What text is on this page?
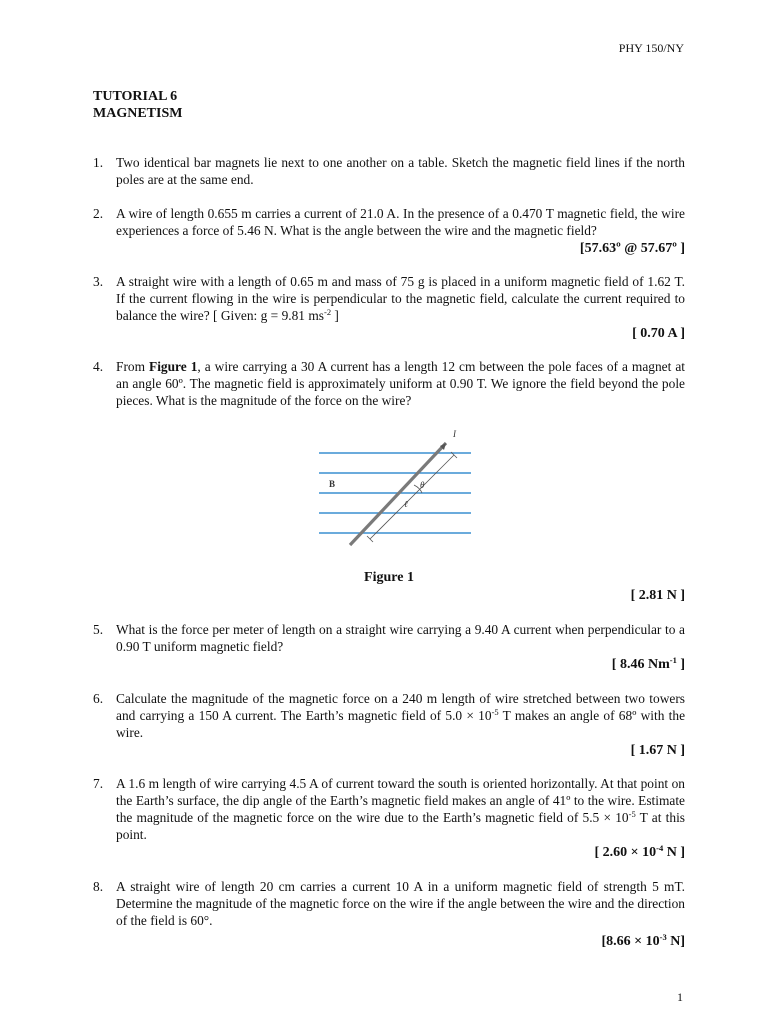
PHY 150/NY
TUTORIAL 6
MAGNETISM
1. Two identical bar magnets lie next to one another on a table. Sketch the magnetic field lines if the north poles are at the same end.
2. A wire of length 0.655 m carries a current of 21.0 A. In the presence of a 0.470 T magnetic field, the wire experiences a force of 5.46 N. What is the angle between the wire and the magnetic field?
[57.63º @ 57.67º ]
3. A straight wire with a length of 0.65 m and mass of 75 g is placed in a uniform magnetic field of 1.62 T. If the current flowing in the wire is perpendicular to the magnetic field, calculate the current required to balance the wire? [ Given: g = 9.81 $ms^{-2}$ ]
[ 0.70 A ]
4. From Figure 1, a wire carrying a 30 A current has a length 12 cm between the pole faces of a magnet at an angle 60º. The magnetic field is approximately uniform at 0.90 T. We ignore the field beyond the pole pieces. What is the magnitude of the force on the wire?
I
B	θ
ℓ
Figure 1
[ 2.81 N ]
5. What is the force per meter of length on a straight wire carrying a 9.40 A current when perpendicular to a 0.90 T uniform magnetic field?
[ 8.46 $Nm^{-1}$ ]
6. Calculate the magnitude of the magnetic force on a 240 m length of wire stretched between two towers and carrying a 150 A current. The Earth’s magnetic field of $5.0 \times 10^{-5}$ T makes an angle of 68º with the wire.
[ 1.67 N ]
7. A 1.6 m length of wire carrying 4.5 A of current toward the south is oriented horizontally. At that point on the Earth’s surface, the dip angle of the Earth’s magnetic field makes an angle of 41º to the wire. Estimate the magnitude of the magnetic force on the wire due to the Earth’s magnetic field of $5.5 \times 10^{-5}$ T at this point.
[ $2.60 \times 10^{-4}$ N ]
8. A straight wire of length 20 cm carries a current 10 A in a uniform magnetic field of strength 5 mT. Determine the magnitude of the magnetic force on the wire if the angle between the wire and the direction of the field is 60°.
[$8.66 \times 10^{-3}$ N]
1
